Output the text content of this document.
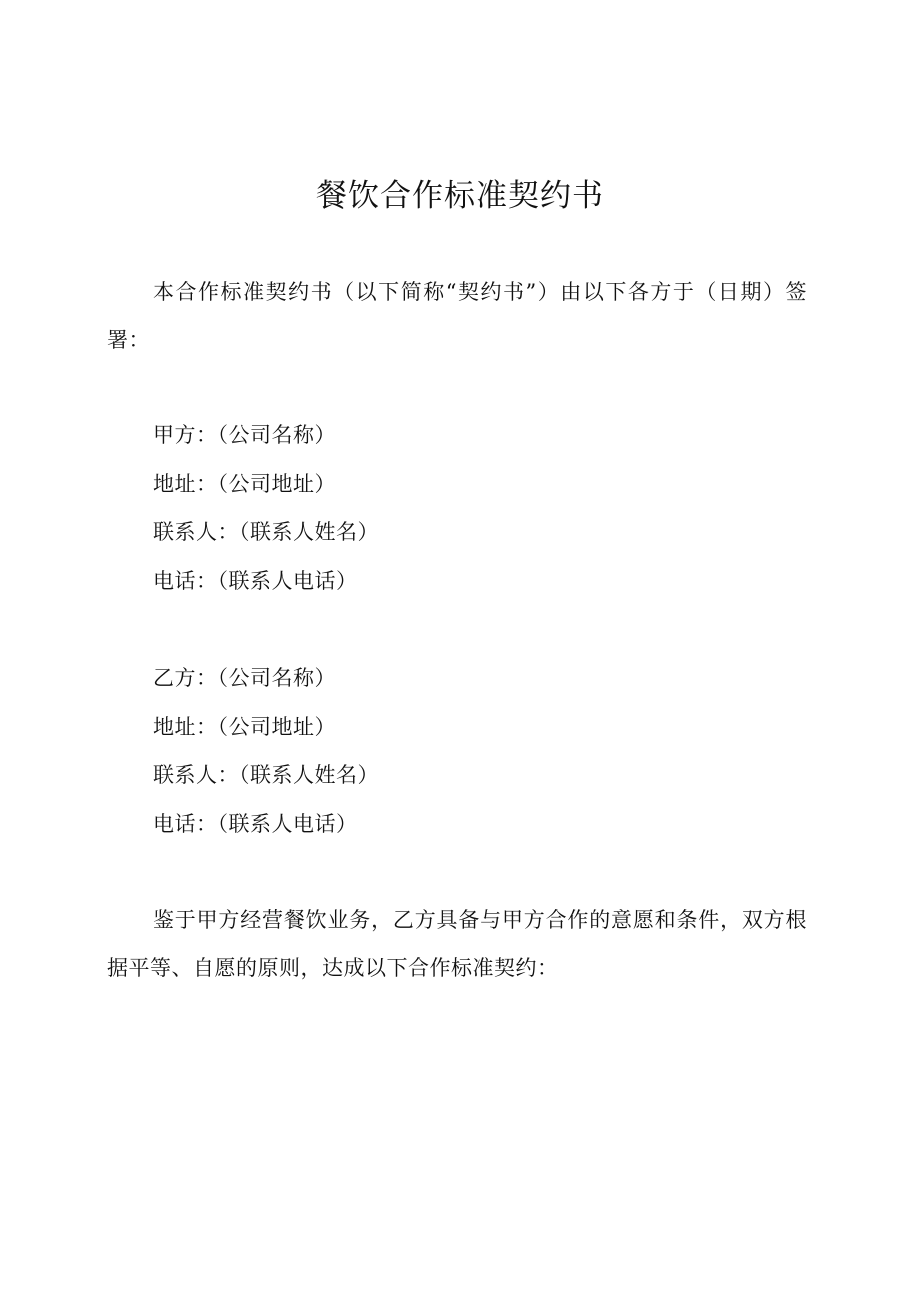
餐饮合作标准契约书

本合作标准契约书（以下简称“契约书”）由以下各方于（日期）签署：

甲方：（公司名称）
地址：（公司地址）
联系人：（联系人姓名）
电话：（联系人电话）
乙方：（公司名称）
地址：（公司地址）
联系人：（联系人姓名）
电话：（联系人电话）

鉴于甲方经营餐饮业务，乙方具备与甲方合作的意愿和条件，双方根据平等、自愿的原则，达成以下合作标准契约：
